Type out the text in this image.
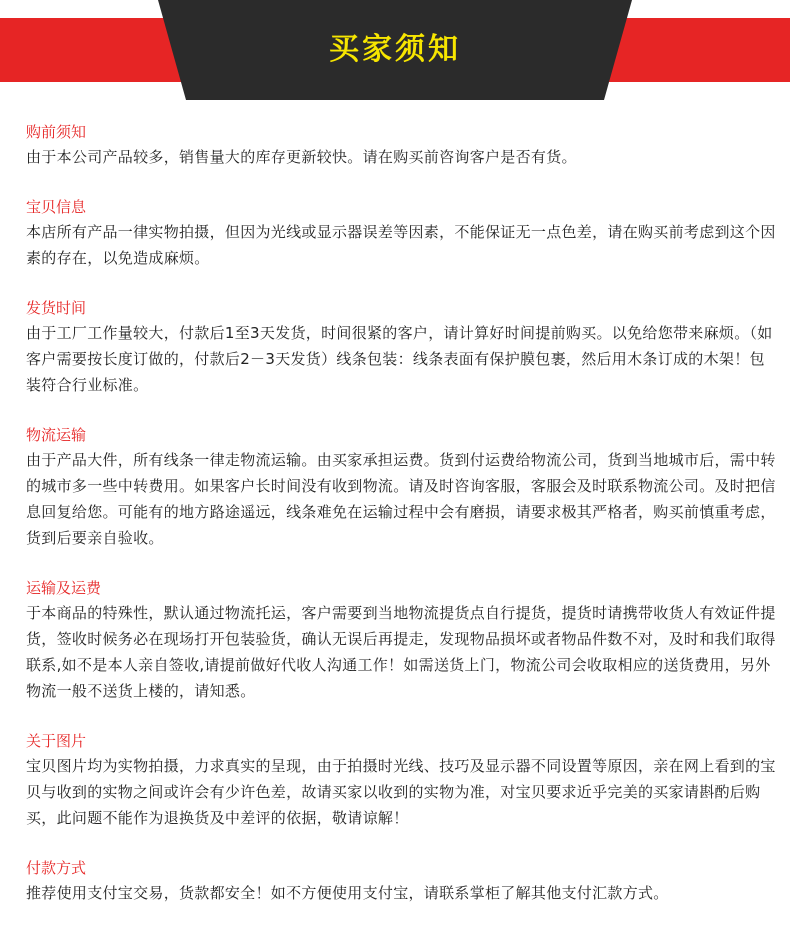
买家须知

购前须知

由于本公司产品较多，销售量大的库存更新较快。请在购买前咨询客户是否有货。

宝贝信息

本店所有产品一律实物拍摄，但因为光线或显示器误差等因素，不能保证无一点色差，请在购买前考虑到这个因素的存在，以免造成麻烦。

发货时间

由于工厂工作量较大，付款后1至3天发货，时间很紧的客户，请计算好时间提前购买。以免给您带来麻烦。（如客户需要按长度订做的，付款后2－3天发货）线条包装：线条表面有保护膜包裹，然后用木条订成的木架！包装符合行业标准。

物流运输

由于产品大件，所有线条一律走物流运输。由买家承担运费。货到付运费给物流公司，货到当地城市后，需中转的城市多一些中转费用。如果客户长时间没有收到物流。请及时咨询客服，客服会及时联系物流公司。及时把信息回复给您。可能有的地方路途遥远，线条难免在运输过程中会有磨损，请要求极其严格者，购买前慎重考虑，货到后要亲自验收。

运输及运费

于本商品的特殊性，默认通过物流托运，客户需要到当地物流提货点自行提货，提货时请携带收货人有效证件提货，签收时候务必在现场打开包装验货，确认无误后再提走，发现物品损坏或者物品件数不对，及时和我们取得联系,如不是本人亲自签收,请提前做好代收人沟通工作！如需送货上门，物流公司会收取相应的送货费用，另外物流一般不送货上楼的，请知悉。

关于图片

宝贝图片均为实物拍摄，力求真实的呈现，由于拍摄时光线、技巧及显示器不同设置等原因，亲在网上看到的宝贝与收到的实物之间或许会有少许色差，故请买家以收到的实物为准，对宝贝要求近乎完美的买家请斟酌后购买，此问题不能作为退换货及中差评的依据，敬请谅解！

付款方式

推荐使用支付宝交易，货款都安全！如不方便使用支付宝，请联系掌柜了解其他支付汇款方式。
